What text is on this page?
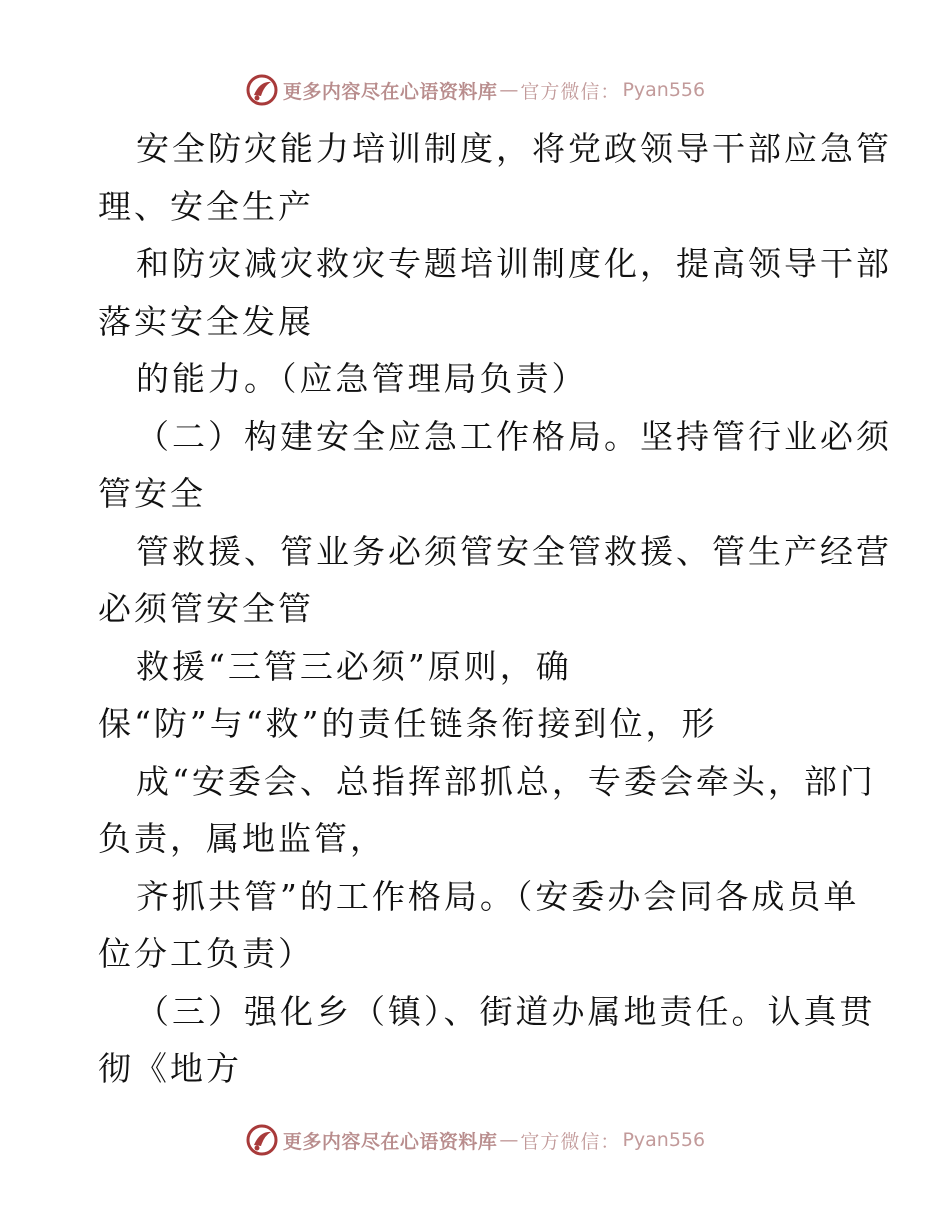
更多内容尽在心语资料库 — 官方微信： Pyan556
安全防灾能力培训制度，将党政领导干部应急管
理、安全生产
和防灾减灾救灾专题培训制度化，提高领导干部
落实安全发展
的能力。（应急管理局负责）
（二）构建安全应急工作格局。坚持管行业必须
管安全
管救援、管业务必须管安全管救援、管生产经营
必须管安全管
救援“三管三必须”原则，确
保“防”与“救”的责任链条衔接到位，形
成“安委会、总指挥部抓总，专委会牵头，部门
负责，属地监管，
齐抓共管”的工作格局。（安委办会同各成员单
位分工负责）
（三）强化乡（镇）、街道办属地责任。认真贯
彻《地方
更多内容尽在心语资料库 — 官方微信： Pyan556
